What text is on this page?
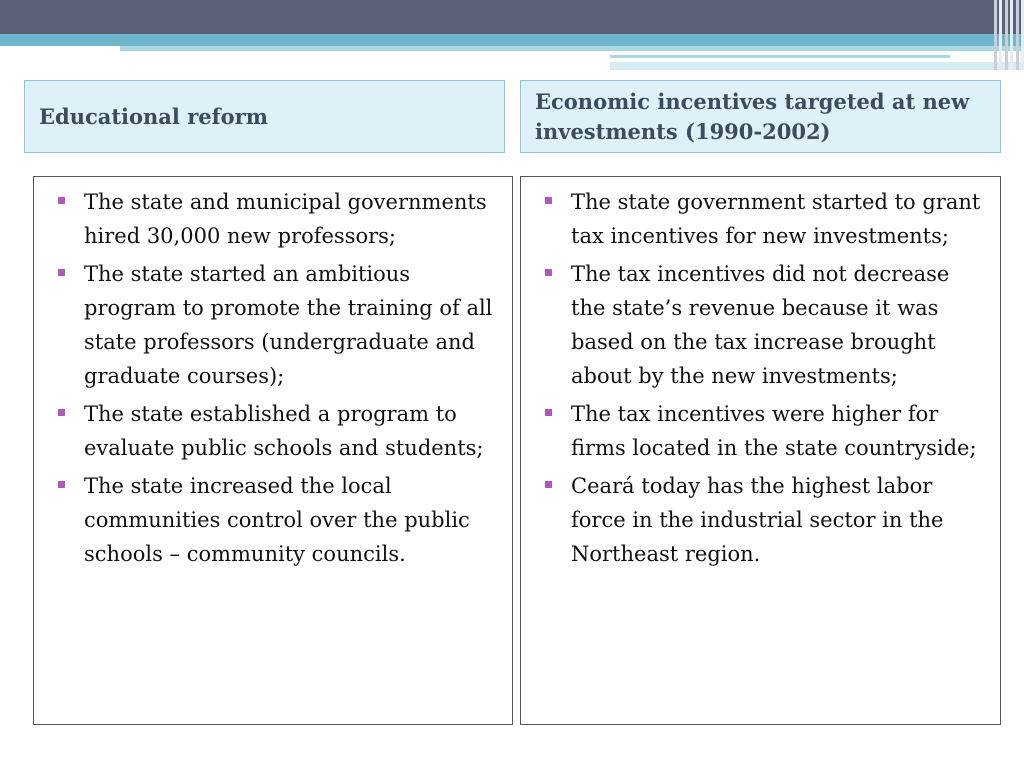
Educational reform
Economic incentives targeted at new investments (1990-2002)
The state and municipal governments hired 30,000 new professors;
The state started an ambitious program to promote the training of all state professors (undergraduate and graduate courses);
The state established a program to evaluate public schools and students;
The state increased the local communities control over the public schools – community councils.
The state government started to grant tax incentives for new investments;
The tax incentives did not decrease the state’s revenue because it was based on the tax increase brought about by the new investments;
The tax incentives were higher for firms located in the state countryside;
Ceará today has the highest labor force in the industrial sector in the Northeast region.
